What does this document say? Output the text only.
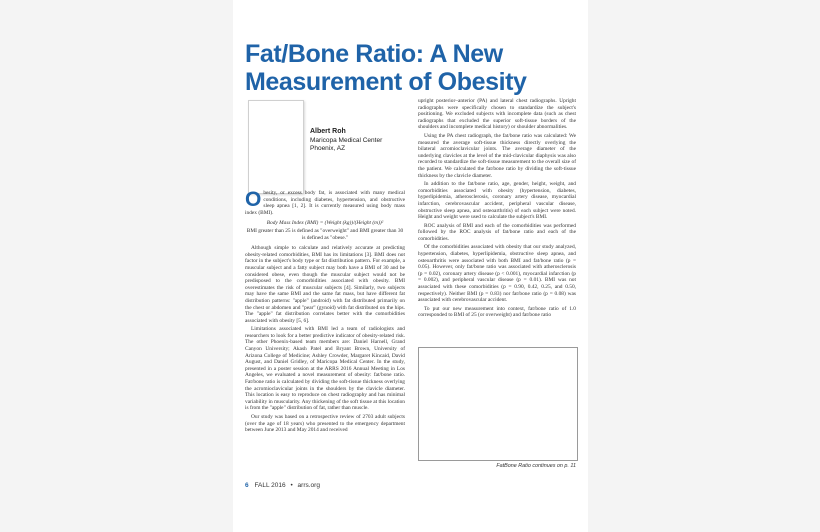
Fat/Bone Ratio: A New
Measurement of Obesity
Albert Roh
Maricopa Medical Center
Phoenix, AZ

Obesity, or excess body fat, is associated with many medical conditions, including diabetes, hypertension, and obstructive sleep apnea [1, 2]. It is currently measured using body mass index (BMI).

Body Mass Index (BMI) = (Weight (kg))/(Height (m))²

BMI greater than 25 is defined as "overweight" and BMI greater than 30 is defined as "obese."

Although simple to calculate and relatively accurate at predicting obesity-related comorbidities, BMI has its limitations [3]. BMI does not factor in the subject's body type or fat distribution pattern. For example, a muscular subject and a fatty subject may both have a BMI of 30 and be considered obese, even though the muscular subject would not be predisposed to the comorbidities associated with obesity. BMI overestimates the risk of muscular subjects [4]. Similarly, two subjects may have the same BMI and the same fat mass, but have different fat distribution patterns: "apple" (android) with fat distributed primarily on the chest or abdomen and "pear" (gynoid) with fat distributed on the hips. The "apple" fat distribution correlates better with the comorbidities associated with obesity [5, 6].

Limitations associated with BMI led a team of radiologists and researchers to look for a better predictive indicator of obesity-related risk. The other Phoenix-based team members are: Daniel Harnell, Grand Canyon University; Akash Patel and Bryant Brown, University of Arizona College of Medicine; Ashley Crowder, Margaret Kincaid, David August, and Daniel Gridley, of Maricopa Medical Center. In the study, presented in a poster session at the ARRS 2016 Annual Meeting in Los Angeles, we evaluated a novel measurement of obesity: fat/bone ratio. Fat/bone ratio is calculated by dividing the soft-tissue thickness overlying the acromioclavicular joints in the shoulders by the clavicle diameter. This location is easy to reproduce on chest radiography and has minimal variability in muscularity. Any thickening of the soft tissue at this location is from the "apple" distribution of fat, rather than muscle.

Our study was based on a retrospective review of 2703 adult subjects (over the age of 18 years) who presented to the emergency department between June 2013 and May 2014 and received

upright posterior–anterior (PA) and lateral chest radiographs. Upright radiographs were specifically chosen to standardize the subject's positioning. We excluded subjects with incomplete data (such as chest radiographs that excluded the superior soft-tissue borders of the shoulders and incomplete medical history) or shoulder abnormalities.

Using the PA chest radiograph, the fat/bone ratio was calculated: We measured the average soft-tissue thickness directly overlying the bilateral acromioclavicular joints. The average diameter of the underlying clavicles at the level of the mid-clavicular diaphysis was also recorded to standardize the soft-tissue measurement to the overall size of the patient. We calculated the fat/bone ratio by dividing the soft-tissue thickness by the clavicle diameter.

In addition to the fat/bone ratio, age, gender, height, weight, and comorbidities associated with obesity (hypertension, diabetes, hyperlipidemia, atherosclerosis, coronary artery disease, myocardial infarction, cerebrovascular accident, peripheral vascular disease, obstructive sleep apnea, and osteoarthritis) of each subject were noted. Height and weight were used to calculate the subject's BMI.

ROC analysis of BMI and each of the comorbidities was performed followed by the ROC analysis of fat/bone ratio and each of the comorbidities.

Of the comorbidities associated with obesity that our study analyzed, hypertension, diabetes, hyperlipidemia, obstructive sleep apnea, and osteoarthritis were associated with both BMI and fat/bone ratio (p = 0.05). However, only fat/bone ratio was associated with atherosclerosis (p = 0.02), coronary artery disease (p < 0.001), myocardial infarction (p = 0.002), and peripheral vascular disease (p = 0.01). BMI was not associated with these comorbidities (p = 0.90, 0.42, 0.25, and 0.50, respectively). Neither BMI (p = 0.83) nor fat/bone ratio (p = 0.08) was associated with cerebrovascular accident.

To put our new measurement into context, fat/bone ratio of 1.0 corresponded to BMI of 25 (or overweight) and fat/bone ratio

FatBone Ratio continues on p. 11
6 FALL 2016 • arrs.org
